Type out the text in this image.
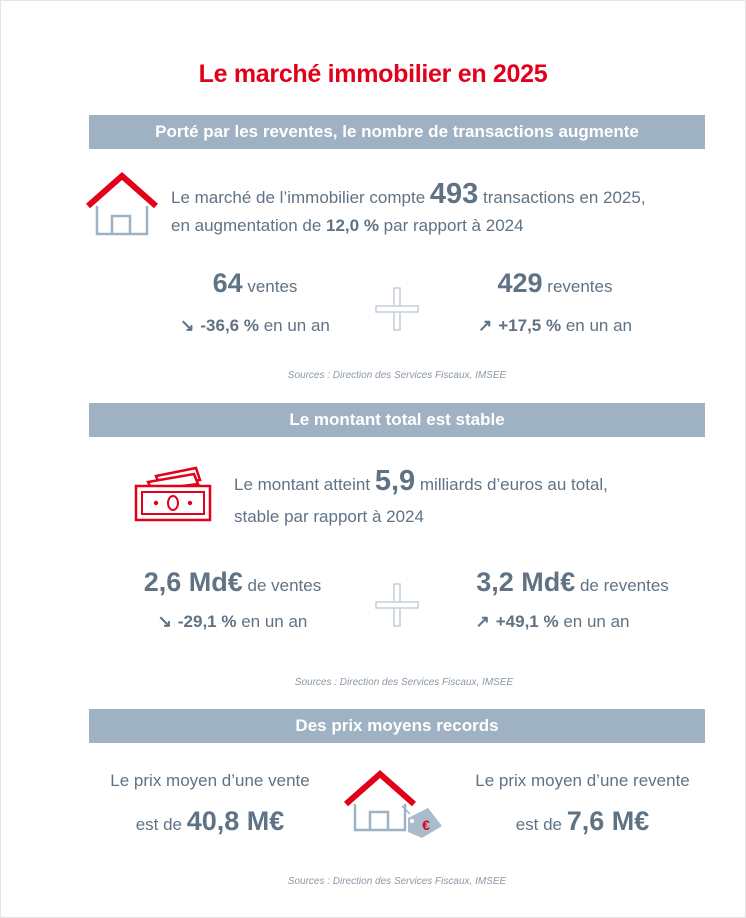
Le marché immobilier en 2025
Porté par les reventes, le nombre de transactions augmente
Le marché de l’immobilier compte 493 transactions en 2025,
en augmentation de 12,0 % par rapport à 2024
64 ventes
↘ -36,6 % en un an
429 reventes
↗ +17,5 % en un an
Sources : Direction des Services Fiscaux, IMSEE
Le montant total est stable
Le montant atteint 5,9 milliards d’euros au total,
stable par rapport à 2024
2,6 Md€ de ventes
↘ -29,1 % en un an
3,2 Md€ de reventes
↗ +49,1 % en un an
Sources : Direction des Services Fiscaux, IMSEE
Des prix moyens records
Le prix moyen d’une vente
est de 40,8 M€	€
Le prix moyen d’une revente
est de 7,6 M€
Sources : Direction des Services Fiscaux, IMSEE
